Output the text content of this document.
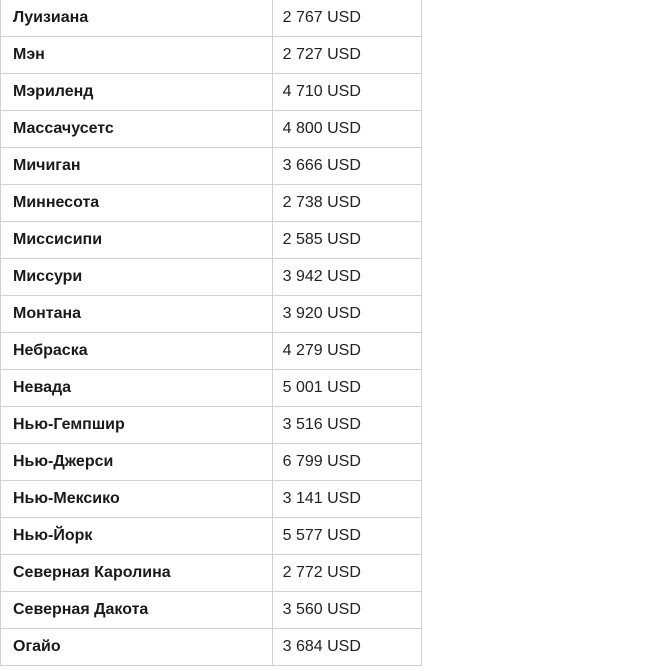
Луизиана	2 767 USD
Мэн	2 727 USD
Мэриленд	4 710 USD
Массачусетс	4 800 USD
Мичиган	3 666 USD
Миннесота	2 738 USD
Миссисипи	2 585 USD
Миссури	3 942 USD
Монтана	3 920 USD
Небраска	4 279 USD
Невада	5 001 USD
Нью-Гемпшир	3 516 USD
Нью-Джерси	6 799 USD
Нью-Мексико	3 141 USD
Нью-Йорк	5 577 USD
Северная Каролина	2 772 USD
Северная Дакота	3 560 USD
Огайо	3 684 USD
